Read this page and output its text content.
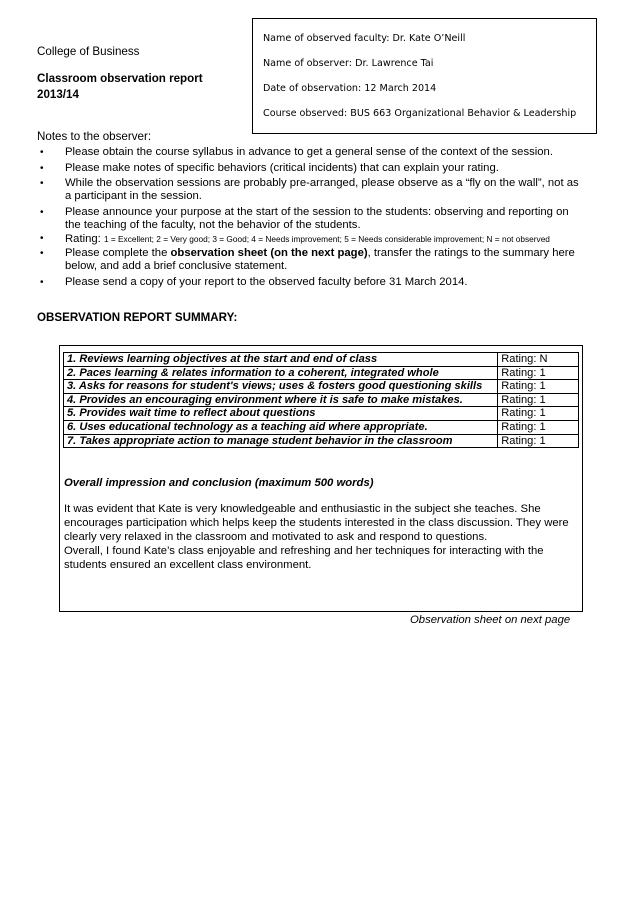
College of Business
Classroom observation report
2013/14
Name of observed faculty: Dr. Kate O’Neill
Name of observer: Dr. Lawrence Tai
Date of observation: 12 March 2014
Course observed: BUS 663 Organizational Behavior & Leadership
Notes to the observer:
• Please obtain the course syllabus in advance to get a general sense of the context of the session.
• Please make notes of specific behaviors (critical incidents) that can explain your rating.
• While the observation sessions are probably pre-arranged, please observe as a “fly on the wall”, not as a participant in the session.
• Please announce your purpose at the start of the session to the students: observing and reporting on the teaching of the faculty, not the behavior of the students.
• Rating: 1 = Excellent; 2 = Very good; 3 = Good; 4 = Needs improvement; 5 = Needs considerable improvement; N = not observed
• Please complete the observation sheet (on the next page), transfer the ratings to the summary here below, and add a brief conclusive statement.
• Please send a copy of your report to the observed faculty before 31 March 2014.
OBSERVATION REPORT SUMMARY:
1. Reviews learning objectives at the start and end of class	Rating: N
2. Paces learning & relates information to a coherent, integrated whole	Rating: 1
3. Asks for reasons for student's views; uses & fosters good questioning skills	Rating: 1
4. Provides an encouraging environment where it is safe to make mistakes.	Rating: 1
5. Provides wait time to reflect about questions	Rating: 1
6. Uses educational technology as a teaching aid where appropriate.	Rating: 1
7. Takes appropriate action to manage student behavior in the classroom	Rating: 1
Overall impression and conclusion (maximum 500 words)

It was evident that Kate is very knowledgeable and enthusiastic in the subject she teaches. She encourages participation which helps keep the students interested in the class discussion. They were clearly very relaxed in the classroom and motivated to ask and respond to questions.

Overall, I found Kate’s class enjoyable and refreshing and her techniques for interacting with the students ensured an excellent class environment.

Observation sheet on next page
